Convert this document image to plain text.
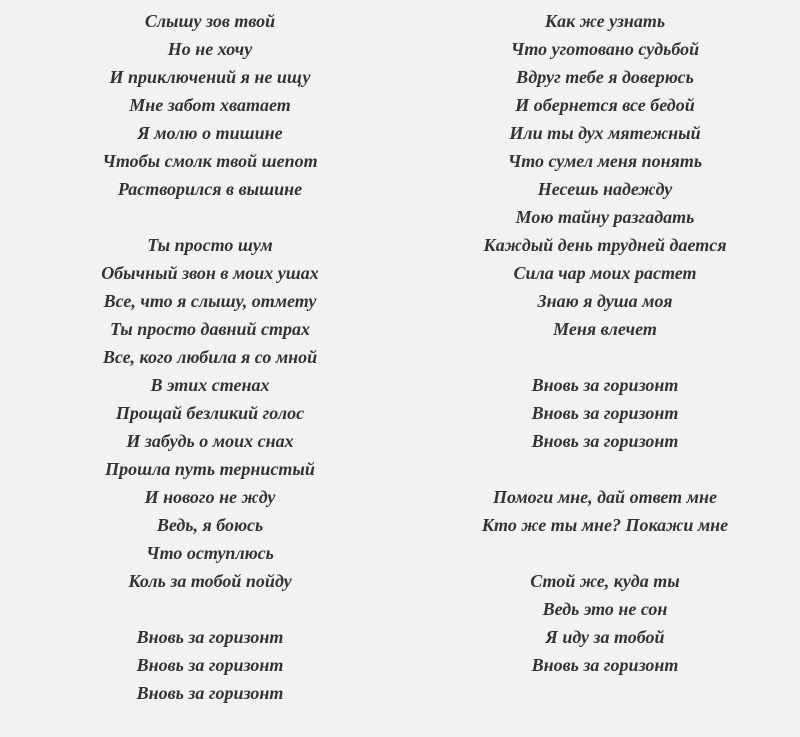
Слышу зов твой
Но не хочу
И приключений я не ищу
Мне забот хватает
Я молю о тишине
Чтобы смолк твой шепот
Растворился в вышине

Ты просто шум
Обычный звон в моих ушах
Все, что я слышу, отмету
Ты просто давний страх
Все, кого любила я со мной
В этих стенах
Прощай безликий голос
И забудь о моих снах
Прошла путь тернистый
И нового не жду
Ведь, я боюсь
Что оступлюсь
Коль за тобой пойду

Вновь за горизонт
Вновь за горизонт
Вновь за горизонт
Как же узнать
Что уготовано судьбой
Вдруг тебе я доверюсь
И обернется все бедой
Или ты дух мятежный
Что сумел меня понять
Несешь надежду
Мою тайну разгадать
Каждый день трудней дается
Сила чар моих растет
Знаю я душа моя
Меня влечет

Вновь за горизонт
Вновь за горизонт
Вновь за горизонт

Помоги мне, дай ответ мне
Кто же ты мне? Покажи мне

Стой же, куда ты
Ведь это не сон
Я иду за тобой
Вновь за горизонт
